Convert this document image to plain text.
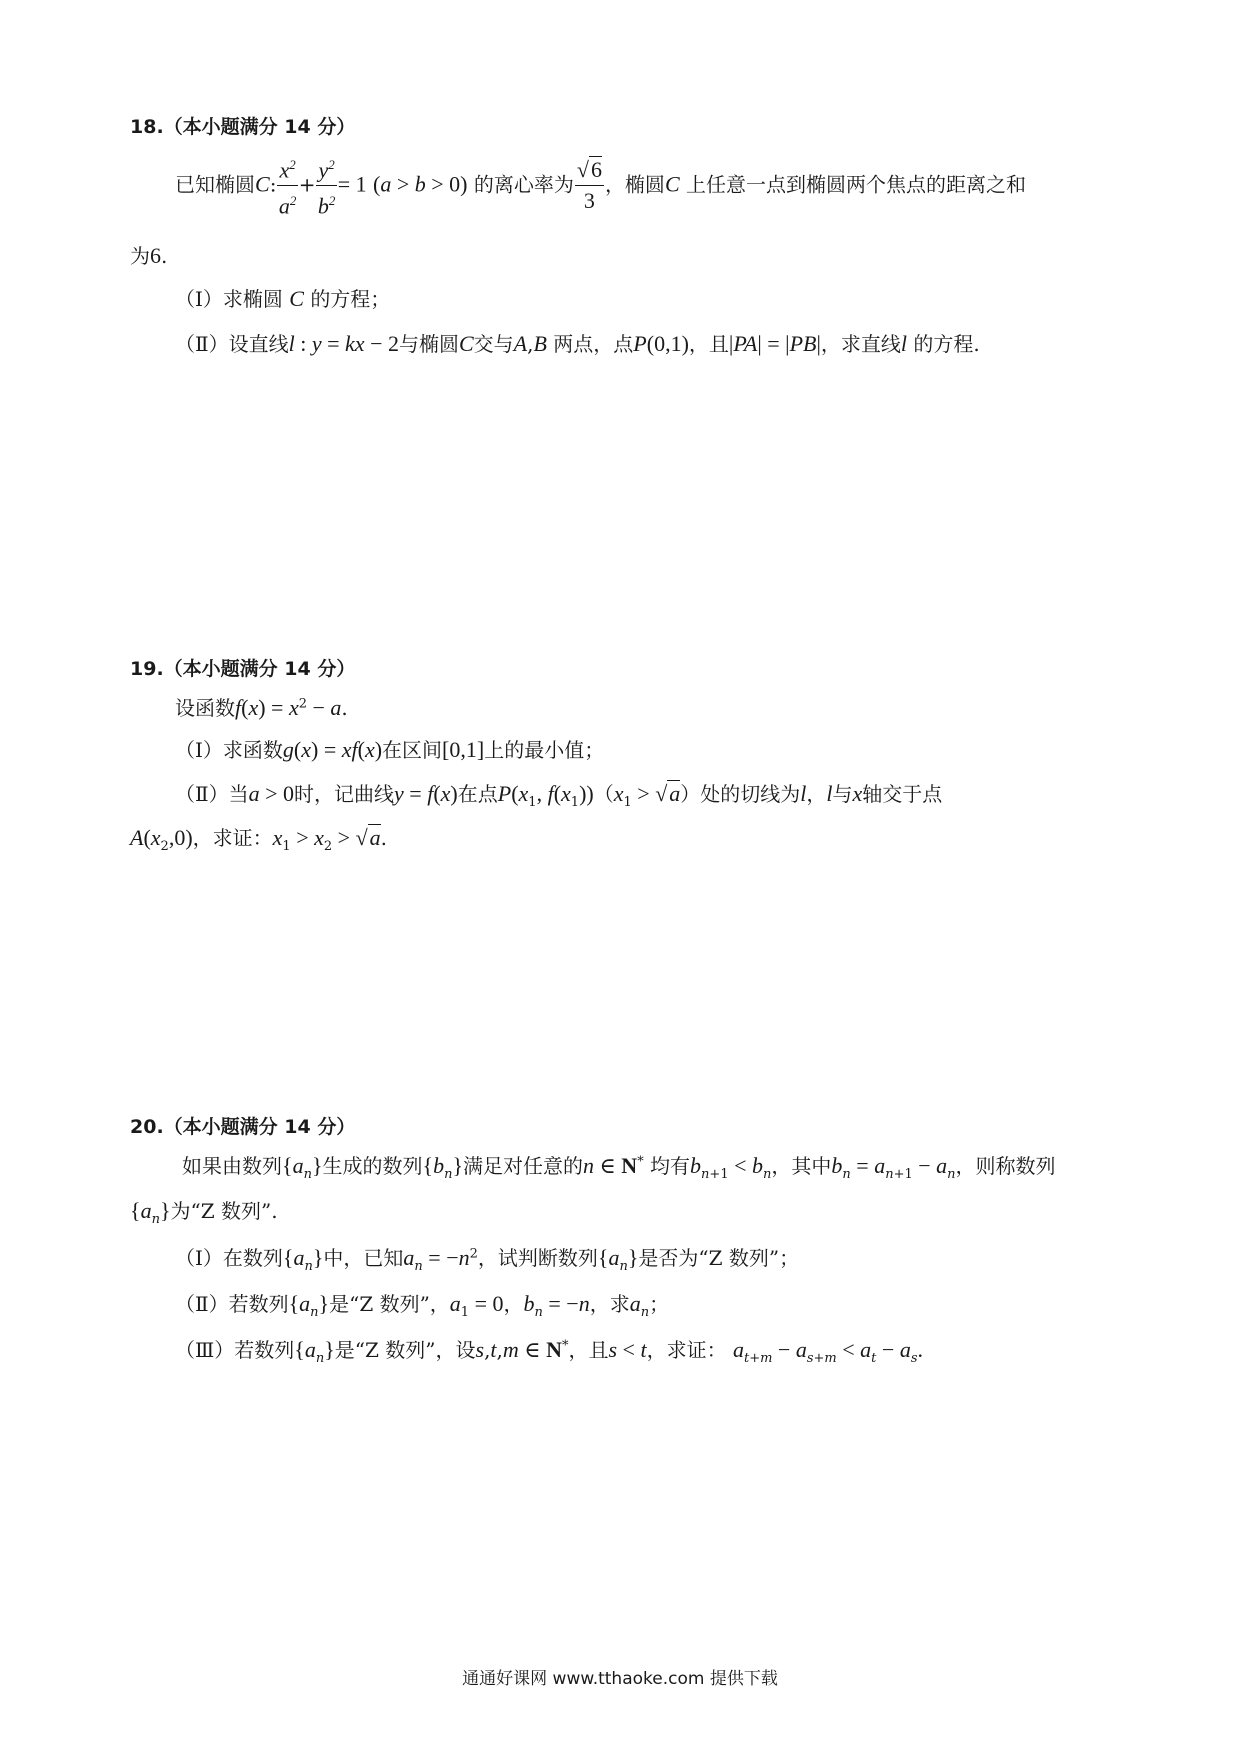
18.（本小题满分 14 分）
已知椭圆C: $\frac{x^2}{a^2} + \frac{y^2}{b^2} = 1$ (a > b > 0) 的离心率为 $\frac{√6}{3}$ ，椭圆C 上任意一点到椭圆两个焦点的距离之和
为6.
（Ⅰ）求椭圆 C 的方程；
（Ⅱ）设直线l : y = kx − 2与椭圆C交与A,B 两点，点P(0,1)，且|PA| = |PB|，求直线l 的方程.
19.（本小题满分 14 分）
设函数$f(x) = x^2 - a$.
（Ⅰ）求函数g(x) = xf(x)在区间[0,1]上的最小值；
（Ⅱ）当a > 0时，记曲线y = f(x)在点$P(x_1$, $f(x_1))(x_1 > √a)$处的切线为l，l与x轴交于点
$A(x_2,0)$，求证：$x_1 > x_2 > √a$.
20.（本小题满分 14 分）
如果由数列$\{a_n\}$生成的数列$\{b_n\}$满足对任意的n ∈ N* 均有$b_{n+1} < b_n$，其中$b_n = a_{n+1} - a_n$，则称数列
$\{a_n\}$为“Z 数列”.
（Ⅰ）在数列$\{a_n\}$中，已知$a_n = -n^2$，试判断数列$\{a_n\}$是否为“Z 数列”；
（Ⅱ）若数列$\{a_n\}$是“Z 数列”，$a_1 = 0$，$b_n = -n$，求$a_n$；
（Ⅲ）若数列$\{a_n\}$是“Z 数列”，设s,t,m ∈ N*，且s < t，求证： $a_{t+m} - a_{s+m} < a_t - a_s$.
通通好课网 www.tthaoke.com 提供下载
